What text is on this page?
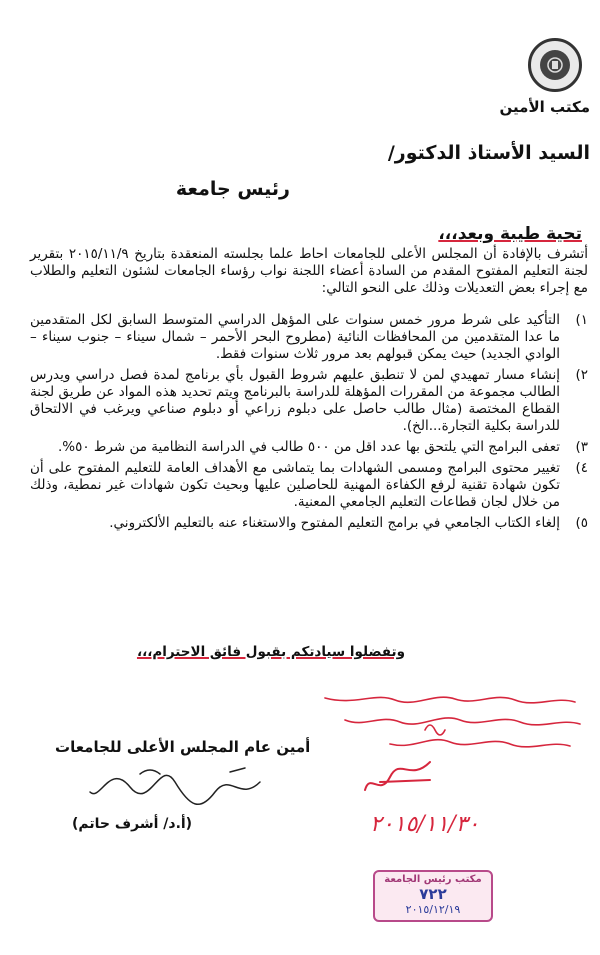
مكتب الأمين
السيد الأستاذ الدكتور/
رئيس جامعة
تحية طيبة وبعد،،،
أتشرف بالإفادة أن المجلس الأعلى للجامعات احاط علما بجلسته المنعقدة بتاريخ ٢٠١٥/١١/٩ بتقرير لجنة التعليم المفتوح المقدم من السادة أعضاء اللجنة نواب رؤساء الجامعات لشئون التعليم والطلاب مع إجراء بعض التعديلات وذلك على النحو التالي:
١)
التأكيد على شرط مرور خمس سنوات على المؤهل الدراسي المتوسط السابق لكل المتقدمين ما عدا المتقدمين من المحافظات النائية (مطروح البحر الأحمر – شمال سيناء – جنوب سيناء – الوادي الجديد) حيث يمكن قبولهم بعد مرور ثلاث سنوات فقط.
٢)
إنشاء مسار تمهيدي لمن لا تنطبق عليهم شروط القبول بأي برنامج لمدة فصل دراسي ويدرس الطالب مجموعة من المقررات المؤهلة للدراسة بالبرنامج ويتم تحديد هذه المواد عن طريق لجنة القطاع المختصة (مثال طالب حاصل على دبلوم زراعي أو دبلوم صناعي ويرغب في الالتحاق للدراسة بكلية التجارة...الخ).
٣)
تعفى البرامج التي يلتحق بها عدد اقل من ٥٠٠ طالب في الدراسة النظامية من شرط ٥٠%.
٤)
تغيير محتوى البرامج ومسمى الشهادات بما يتماشى مع الأهداف العامة للتعليم المفتوح على أن تكون شهادة تقنية لرفع الكفاءة المهنية للحاصلين عليها وبحيث تكون شهادات غير نمطية، وذلك من خلال لجان قطاعات التعليم الجامعي المعنية.
٥)
إلغاء الكتاب الجامعي في برامج التعليم المفتوح والاستغناء عنه بالتعليم الألكتروني.
وتفضلوا سيادتكم بقبول فائق الاحترام،،،
٢٠١٥/١١/٣٠
أمين عام المجلس الأعلى للجامعات
(أ.د/ أشرف حاتم)
مكتب رئيس الجامعة
٧٢٢
٢٠١٥/١٢/١٩
